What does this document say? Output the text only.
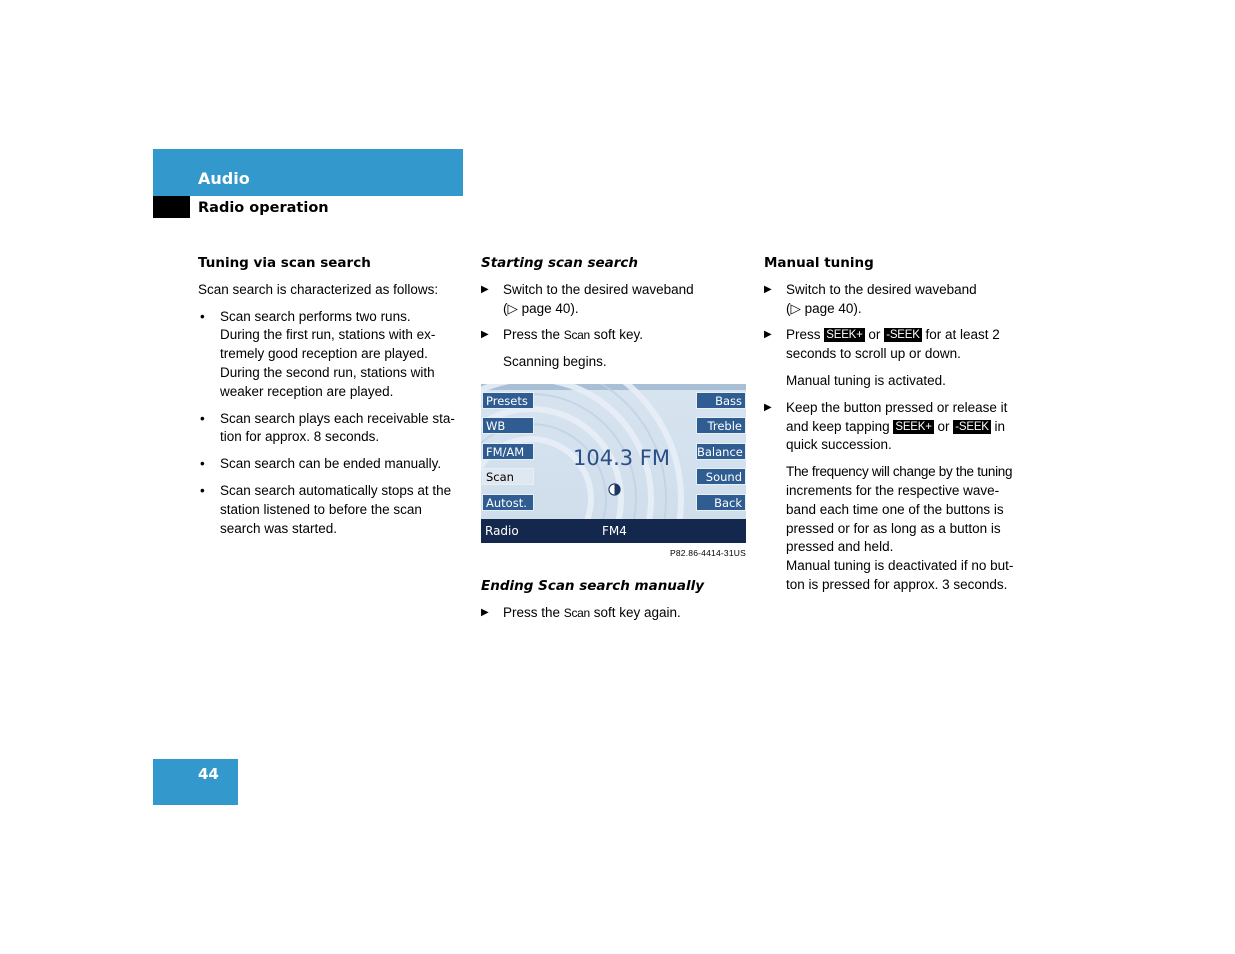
Audio
Radio operation
Tuning via scan search

Scan search is characterized as follows:

• Scan search performs two runs.
During the first run, stations with ex-
tremely good reception are played.
During the second run, stations with
weaker reception are played.
• Scan search plays each receivable sta-
tion for approx. 8 seconds.
• Scan search can be ended manually.
• Scan search automatically stops at the
station listened to before the scan
search was started.
Starting scan search
▶ Switch to the desired waveband
(▷ page 40).
▶ Press the Scan soft key.
Scanning begins.
Presets
WB
FM/AM
Scan
Autost.
Bass
Treble
Balance
Sound
Back
104.3 FM
Radio	FM4
P82.86-4414-31US
Ending Scan search manually
▶ Press the Scan soft key again.
Manual tuning
▶ Switch to the desired waveband
(▷ page 40).
▶ Press SEEK+ or -SEEK for at least 2
seconds to scroll up or down.
Manual tuning is activated.
▶ Keep the button pressed or release it
and keep tapping SEEK+ or -SEEK in
quick succession.
The frequency will change by the tuning
increments for the respective wave-
band each time one of the buttons is
pressed or for as long as a button is
pressed and held.
Manual tuning is deactivated if no but-
ton is pressed for approx. 3 seconds.
44
